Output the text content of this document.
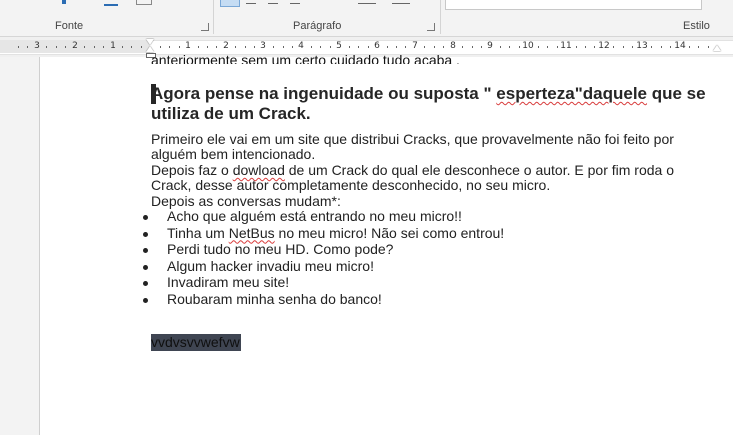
Fonte	Parágrafo	Estilo
3	2	1	1	2	3	4	5	6	7	8	9	10	11	12	13	14
anteriormente sem um certo cuidado tudo acaba .
Agora pense na ingenuidade ou suposta " esperteza"daquele que se utiliza de um Crack.
Primeiro ele vai em um site que distribui Cracks, que provavelmente não foi feito por alguém bem intencionado.
Depois faz o dowload de um Crack do qual ele desconhece o autor. E por fim roda o Crack, desse autor completamente desconhecido, no seu micro.
Depois as conversas mudam*:
Acho que alguém está entrando no meu micro!!
Tinha um NetBus no meu micro! Não sei como entrou!
Perdi tudo no meu HD. Como pode?
Algum hacker invadiu meu micro!
Invadiram meu site!
Roubaram minha senha do banco!
vvdvsvvwefvw
